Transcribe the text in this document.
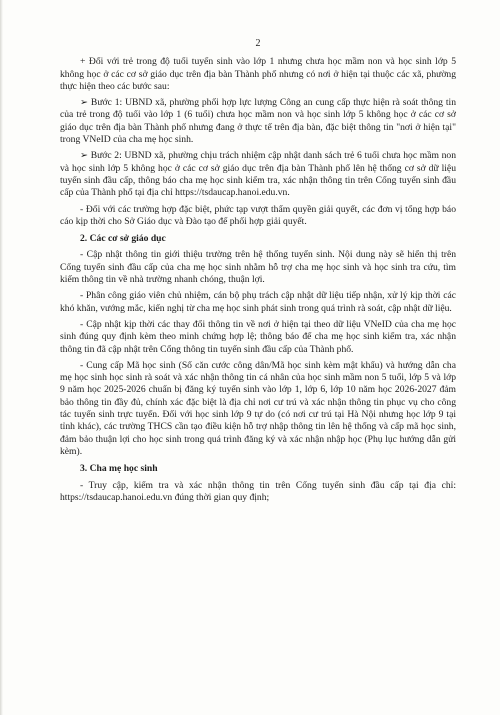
2

+ Đối với trẻ trong độ tuổi tuyển sinh vào lớp 1 nhưng chưa học mầm non và học sinh lớp 5 không học ở các cơ sở giáo dục trên địa bàn Thành phố nhưng có nơi ở hiện tại thuộc các xã, phường thực hiện theo các bước sau:

➢ Bước 1: UBND xã, phường phối hợp lực lượng Công an cung cấp thực hiện rà soát thông tin của trẻ trong độ tuổi vào lớp 1 (6 tuổi) chưa học mầm non và học sinh lớp 5 không học ở các cơ sở giáo dục trên địa bàn Thành phố nhưng đang ở thực tế trên địa bàn, đặc biệt thông tin "nơi ở hiện tại" trong VNeID của cha mẹ học sinh.

➢ Bước 2: UBND xã, phường chịu trách nhiệm cập nhật danh sách trẻ 6 tuổi chưa học mầm non và học sinh lớp 5 không học ở các cơ sở giáo dục trên địa bàn Thành phố lên hệ thống cơ sở dữ liệu tuyển sinh đầu cấp, thông báo cha mẹ học sinh kiểm tra, xác nhận thông tin trên Cổng tuyển sinh đầu cấp của Thành phố tại địa chỉ https://tsdaucap.hanoi.edu.vn.

- Đối với các trường hợp đặc biệt, phức tạp vượt thẩm quyền giải quyết, các đơn vị tổng hợp báo cáo kịp thời cho Sở Giáo dục và Đào tạo để phối hợp giải quyết.

2. Các cơ sở giáo dục

- Cập nhật thông tin giới thiệu trường trên hệ thống tuyển sinh. Nội dung này sẽ hiển thị trên Cổng tuyển sinh đầu cấp của cha mẹ học sinh nhằm hỗ trợ cha mẹ học sinh và học sinh tra cứu, tìm kiếm thông tin về nhà trường nhanh chóng, thuận lợi.

- Phân công giáo viên chủ nhiệm, cán bộ phụ trách cập nhật dữ liệu tiếp nhận, xử lý kịp thời các khó khăn, vướng mắc, kiến nghị từ cha mẹ học sinh phát sinh trong quá trình rà soát, cập nhật dữ liệu.

- Cập nhật kịp thời các thay đổi thông tin về nơi ở hiện tại theo dữ liệu VNeID của cha mẹ học sinh đúng quy định kèm theo minh chứng hợp lệ; thông báo để cha mẹ học sinh kiểm tra, xác nhận thông tin đã cập nhật trên Cổng thông tin tuyển sinh đầu cấp của Thành phố.

- Cung cấp Mã học sinh (Số căn cước công dân/Mã học sinh kèm mật khẩu) và hướng dẫn cha mẹ học sinh học sinh rà soát và xác nhận thông tin cá nhân của học sinh mầm non 5 tuổi, lớp 5 và lớp 9 năm học 2025-2026 chuẩn bị đăng ký tuyển sinh vào lớp 1, lớp 6, lớp 10 năm học 2026-2027 đảm bảo thông tin đầy đủ, chính xác đặc biệt là địa chỉ nơi cư trú và xác nhận thông tin phục vụ cho công tác tuyển sinh trực tuyến. Đối với học sinh lớp 9 tự do (có nơi cư trú tại Hà Nội nhưng học lớp 9 tại tỉnh khác), các trường THCS cần tạo điều kiện hỗ trợ nhập thông tin lên hệ thống và cấp mã học sinh, đảm bảo thuận lợi cho học sinh trong quá trình đăng ký và xác nhận nhập học (Phụ lục hướng dẫn gửi kèm).

3. Cha mẹ học sinh

- Truy cập, kiểm tra và xác nhận thông tin trên Cổng tuyển sinh đầu cấp tại địa chỉ: https://tsdaucap.hanoi.edu.vn đúng thời gian quy định;
